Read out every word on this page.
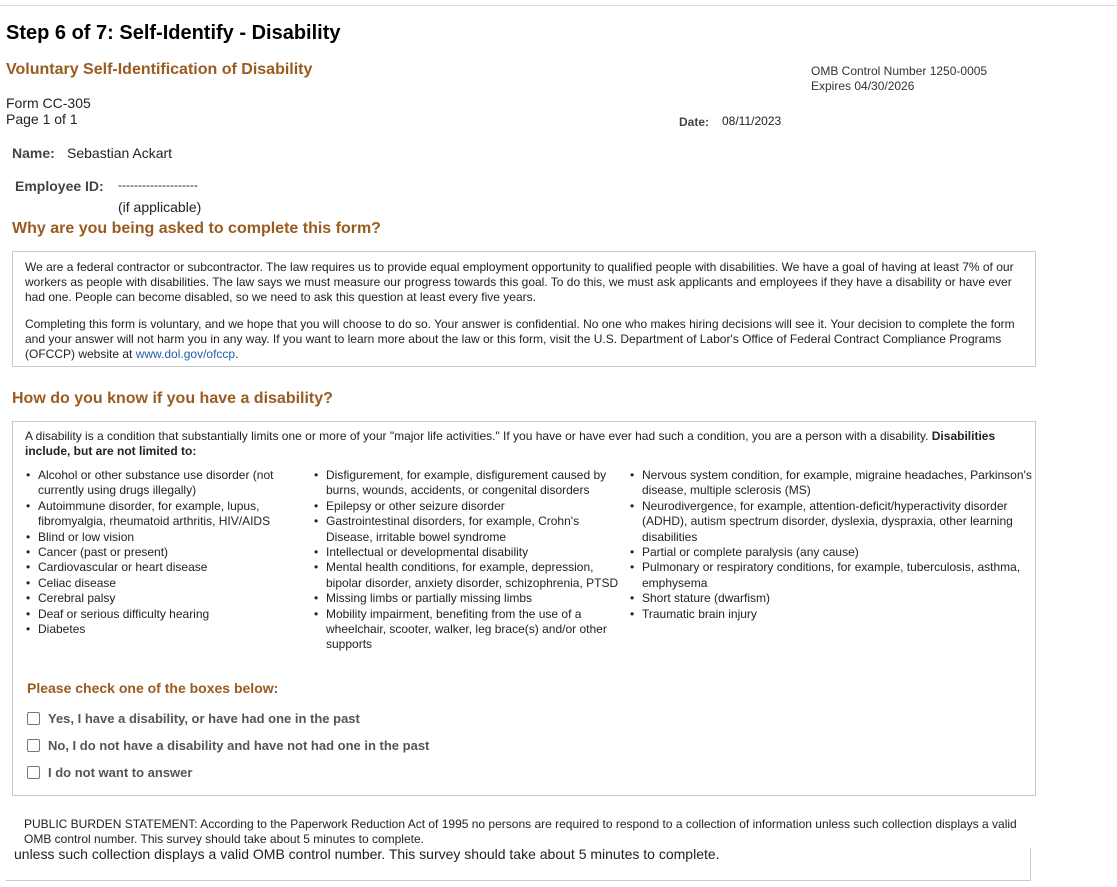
Step 6 of 7: Self-Identify - Disability
Voluntary Self-Identification of Disability	OMB Control Number 1250-0005
Expires 04/30/2026
Form CC-305
Page 1 of 1	Date: 08/11/2023
Name: Sebastian Ackart
Employee ID: --------------------
(if applicable)
Why are you being asked to complete this form?

We are a federal contractor or subcontractor. The law requires us to provide equal employment opportunity to qualified people with disabilities. We have a goal of having at least 7% of our workers as people with disabilities. The law says we must measure our progress towards this goal. To do this, we must ask applicants and employees if they have a disability or have ever had one. People can become disabled, so we need to ask this question at least every five years.

Completing this form is voluntary, and we hope that you will choose to do so. Your answer is confidential. No one who makes hiring decisions will see it. Your decision to complete the form and your answer will not harm you in any way. If you want to learn more about the law or this form, visit the U.S. Department of Labor's Office of Federal Contract Compliance Programs (OFCCP) website at www.dol.gov/ofccp.

How do you know if you have a disability?

A disability is a condition that substantially limits one or more of your "major life activities." If you have or have ever had such a condition, you are a person with a disability. Disabilities include, but are not limited to:

• Alcohol or other substance use disorder (not currently using drugs illegally)
• Autoimmune disorder, for example, lupus, fibromyalgia, rheumatoid arthritis, HIV/AIDS
• Blind or low vision
• Cancer (past or present)
• Cardiovascular or heart disease
• Celiac disease
• Cerebral palsy
• Deaf or serious difficulty hearing
• Diabetes
• Disfigurement, for example, disfigurement caused by burns, wounds, accidents, or congenital disorders
• Epilepsy or other seizure disorder
• Gastrointestinal disorders, for example, Crohn's Disease, irritable bowel syndrome
• Intellectual or developmental disability
• Mental health conditions, for example, depression, bipolar disorder, anxiety disorder, schizophrenia, PTSD
• Missing limbs or partially missing limbs
• Mobility impairment, benefiting from the use of a wheelchair, scooter, walker, leg brace(s) and/or other supports
• Nervous system condition, for example, migraine headaches, Parkinson's disease, multiple sclerosis (MS)
• Neurodivergence, for example, attention-deficit/hyperactivity disorder (ADHD), autism spectrum disorder, dyslexia, dyspraxia, other learning disabilities
• Partial or complete paralysis (any cause)
• Pulmonary or respiratory conditions, for example, tuberculosis, asthma, emphysema
• Short stature (dwarfism)
• Traumatic brain injury
Please check one of the boxes below:
Yes, I have a disability, or have had one in the past
No, I do not have a disability and have not had one in the past
I do not want to answer
PUBLIC BURDEN STATEMENT: According to the Paperwork Reduction Act of 1995 no persons are required to respond to a collection of information unless such collection displays a valid OMB control number. This survey should take about 5 minutes to complete.
unless such collection displays a valid OMB control number. This survey should take about 5 minutes to complete.
